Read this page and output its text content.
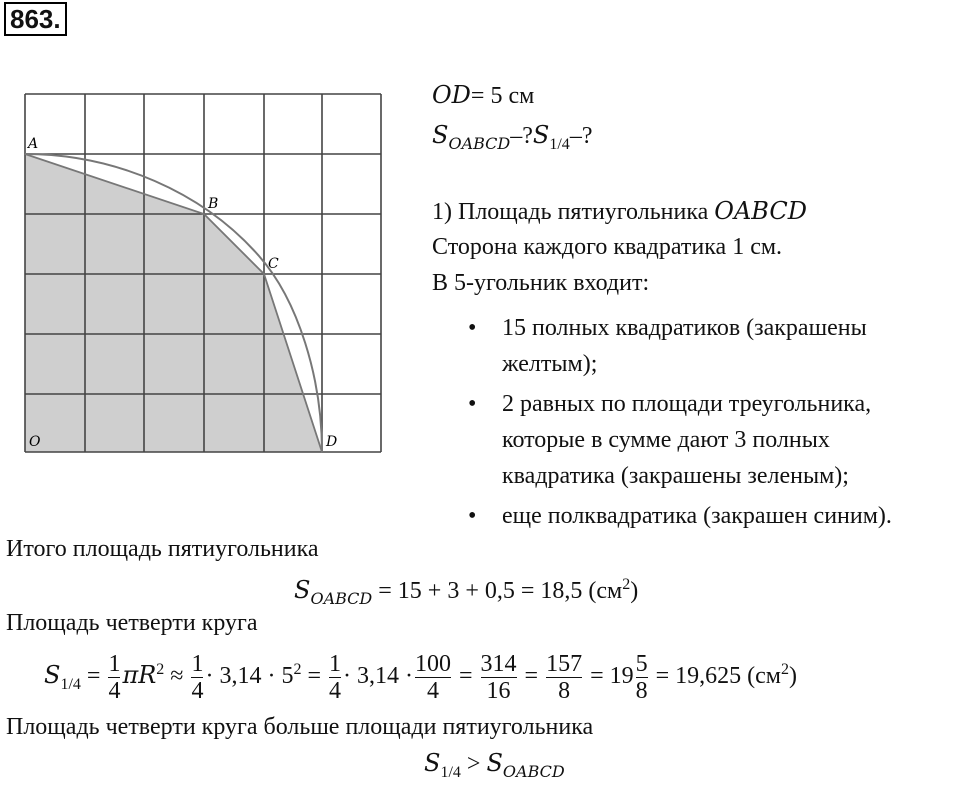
863.
A
B
C
D
O
OD= 5 см
$S_{OABCD}-?S_{1/4}-$?
1) Площадь пятиугольника OABCD
Сторона каждого квадратика 1 см.
В 5-угольник входит:
• 15 полных квадратиков (закрашены желтым);
• 2 равных по площади треугольника, которые в сумме дают 3 полных квадратика (закрашены зеленым);
• еще полквадратика (закрашен синим).
Итого площадь пятиугольника
$S_{OABCD} = 15 + 3 + 0,5 = 18,5$ $(см^2)$
Площадь четверти круга
$S_{1/4} = \frac{1}{4} \pi R^2 \approx \frac{1}{4} \cdot 3,14 \cdot 5^2 = \frac{1}{4} \cdot 3,14 \cdot \frac{100}{4} = \frac{314}{16} = \frac{157}{8} = 19 \frac{5}{8} = 19,625$ $(см^2)$
Площадь четверти круга больше площади пятиугольника
$S_{1/4} > S_{OABCD}$
